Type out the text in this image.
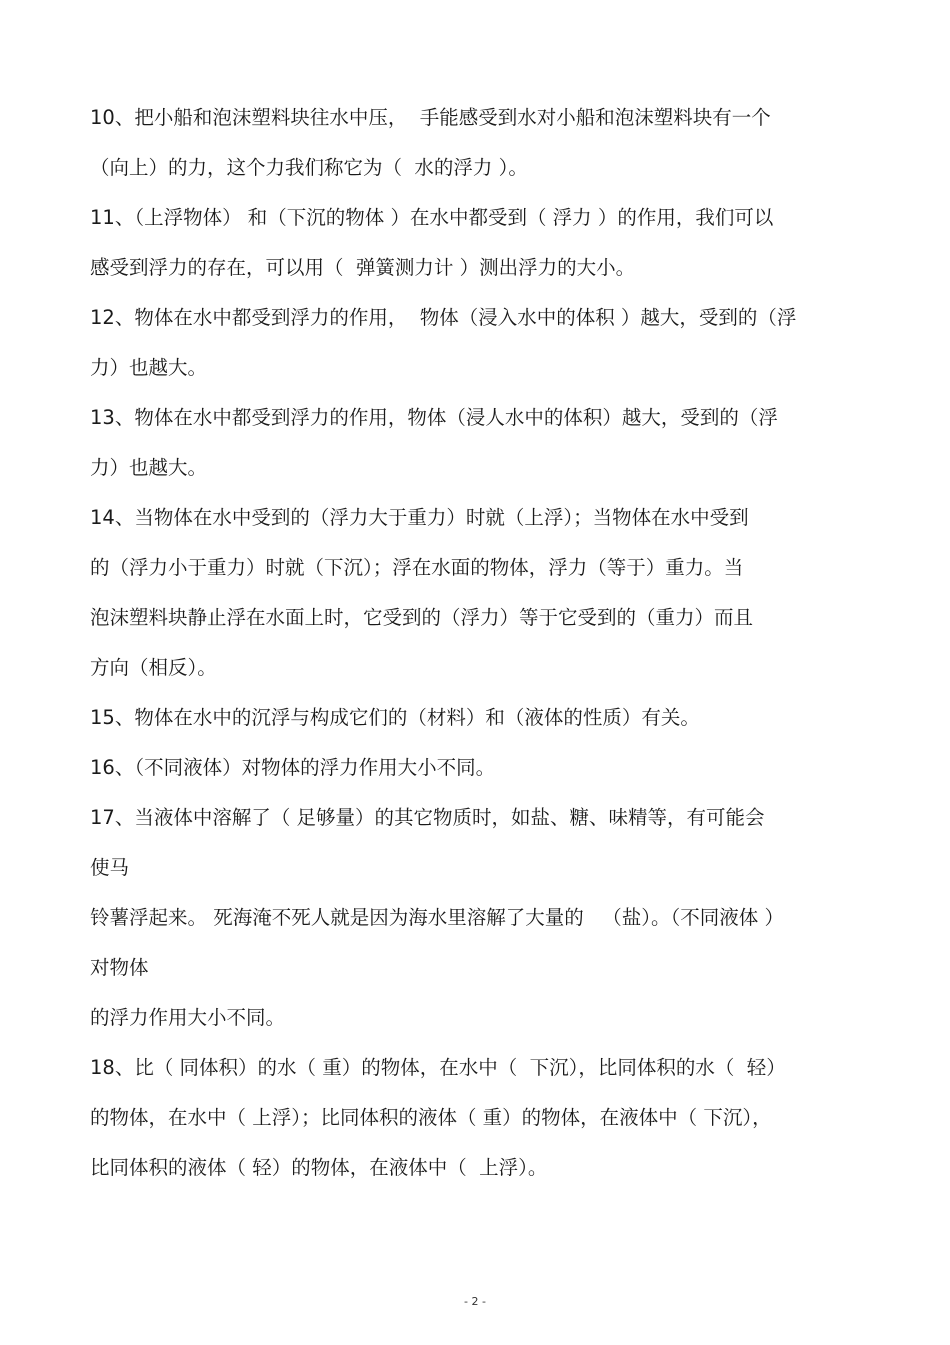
10、把小船和泡沫塑料块往水中压，  手能感受到水对小船和泡沫塑料块有一个
（向上）的力，这个力我们称它为（  水的浮力 ）。
11、（上浮物体） 和（下沉的物体 ）在水中都受到（ 浮力 ）的作用，我们可以
感受到浮力的存在，可以用（  弹簧测力计 ）测出浮力的大小。
12、物体在水中都受到浮力的作用，  物体（浸入水中的体积 ）越大，受到的（浮
力）也越大。
13、物体在水中都受到浮力的作用，物体（浸人水中的体积）越大，受到的（浮
力）也越大。
14、当物体在水中受到的（浮力大于重力）时就（上浮）；当物体在水中受到
的（浮力小于重力）时就（下沉）；浮在水面的物体，浮力（等于）重力。当
泡沫塑料块静止浮在水面上时，它受到的（浮力）等于它受到的（重力）而且
方向（相反）。
15、物体在水中的沉浮与构成它们的（材料）和（液体的性质）有关。
16、（不同液体）对物体的浮力作用大小不同。
17、当液体中溶解了（ 足够量）的其它物质时，如盐、糖、味精等，有可能会
使马
铃薯浮起来。 死海淹不死人就是因为海水里溶解了大量的   （盐）。（不同液体 ）
对物体
的浮力作用大小不同。
18、比（ 同体积）的水（ 重）的物体，在水中（  下沉），比同体积的水（  轻）
的物体，在水中（ 上浮）；比同体积的液体（ 重）的物体，在液体中（ 下沉），
比同体积的液体（ 轻）的物体，在液体中（  上浮）。
- 2 -
